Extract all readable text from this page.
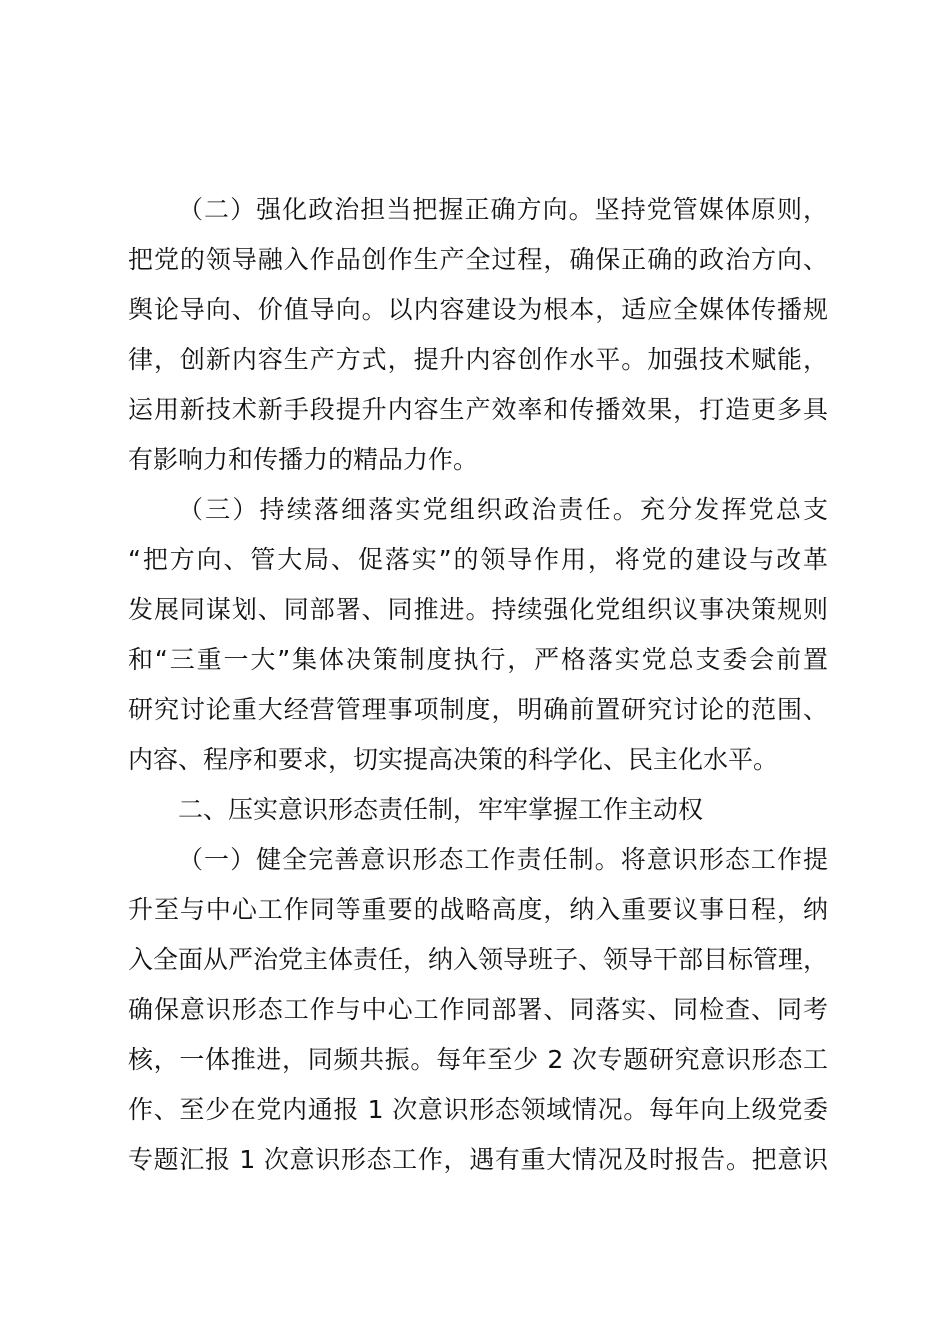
（二）强化政治担当把握正确方向。坚持党管媒体原则，
把党的领导融入作品创作生产全过程，确保正确的政治方向、
舆论导向、价值导向。以内容建设为根本，适应全媒体传播规
律，创新内容生产方式，提升内容创作水平。加强技术赋能，
运用新技术新手段提升内容生产效率和传播效果，打造更多具
有影响力和传播力的精品力作。
（三）持续落细落实党组织政治责任。充分发挥党总支
“把方向、管大局、促落实”的领导作用，将党的建设与改革
发展同谋划、同部署、同推进。持续强化党组织议事决策规则
和“三重一大”集体决策制度执行，严格落实党总支委会前置
研究讨论重大经营管理事项制度，明确前置研究讨论的范围、
内容、程序和要求，切实提高决策的科学化、民主化水平。
二、压实意识形态责任制，牢牢掌握工作主动权
（一）健全完善意识形态工作责任制。将意识形态工作提
升至与中心工作同等重要的战略高度，纳入重要议事日程，纳
入全面从严治党主体责任，纳入领导班子、领导干部目标管理，
确保意识形态工作与中心工作同部署、同落实、同检查、同考
核，一体推进，同频共振。每年至少 2 次专题研究意识形态工
作、至少在党内通报 1 次意识形态领域情况。每年向上级党委
专题汇报 1 次意识形态工作，遇有重大情况及时报告。把意识
